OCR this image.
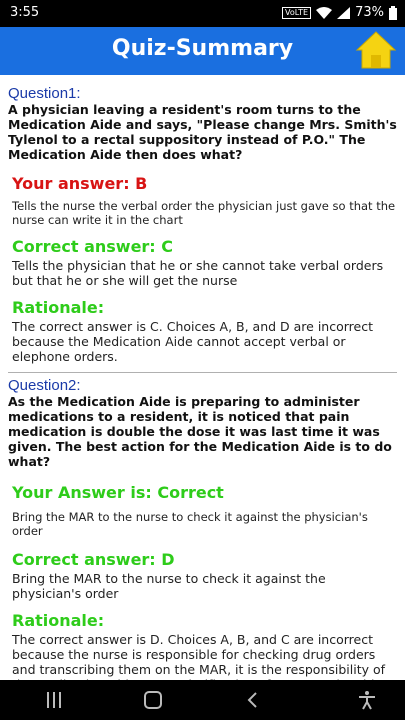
3:55	VoLTE	73%
Quiz-Summary
Question1:
A physician leaving a resident's room turns to the Medication Aide and says, "Please change Mrs. Smith's Tylenol to a rectal suppository instead of P.O." The Medication Aide then does what?
Your answer: B
Tells the nurse the verbal order the physician just gave so that the nurse can write it in the chart
Correct answer: C
Tells the physician that he or she cannot take verbal orders but that he or she will get the nurse
Rationale:
The correct answer is C. Choices A, B, and D are incorrect because the Medication Aide cannot accept verbal or elephone orders.
Question2:
As the Medication Aide is preparing to administer medications to a resident, it is noticed that pain medication is double the dose it was last time it was given. The best action for the Medication Aide is to do what?
Your Answer is: Correct
Bring the MAR to the nurse to check it against the physician's order
Correct answer: D
Bring the MAR to the nurse to check it against the physician's order
Rationale:
The correct answer is D. Choices A, B, and C are incorrect because the nurse is responsible for checking drug orders and transcribing them on the MAR, it is the responsibility of
